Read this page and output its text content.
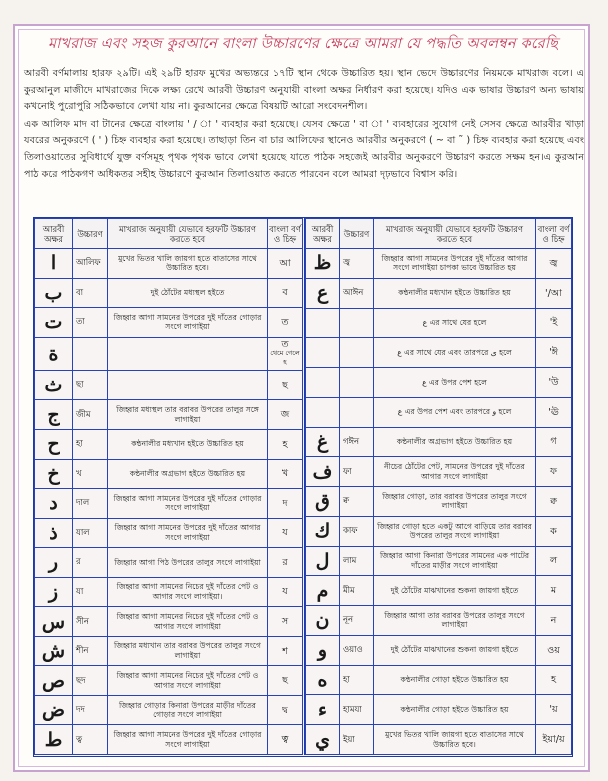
মাখরাজ এবং সহজ কুরআনে বাংলা উচ্চারণের ক্ষেত্রে আমরা যে পদ্ধতি অবলম্বন করেছি

আরবী বর্ণমালায় হারফ ২৯টি। এই ২৯টি হারফ মুখের অভ্যন্তরে ১৭টি স্থান থেকে উচ্চারিত হয়। স্থান ভেদে উচ্চারণের নিয়মকে মাখরাজ বলে। এ কুরআনুল মাজীদে মাখরাজের দিকে লক্ষ্য রেখে আরবী উচ্চারণ অনুযায়ী বাংলা অক্ষর নির্ধারণ করা হয়েছে। যদিও এক ভাষার উচ্চারণ অন্য ভাষায় কখনোই পুরোপুরি সঠিকভাবে লেখা যায় না। কুরআনের ক্ষেত্রে বিষয়টি আরো সংবেদনশীল।

এক আলিফ মাদ বা টানের ক্ষেত্রে বাংলায় ' / া ' ব্যবহার করা হয়েছে। যেসব ক্ষেত্রে ' বা া ' ব্যবহারের সুযোগ নেই সেসব ক্ষেত্রে আরবীর খাড়া যবরের অনুকরণে ( ' ) চিহ্ন ব্যবহার করা হয়েছে। তাছাড়া তিন বা চার আলিফের স্থানেও আরবীর অনুকরণে ( ~ বা ˜ ) চিহ্ন ব্যবহার করা হয়েছে এবং তিলাওয়াতের সুবিধার্থে যুক্ত বর্ণসমূহ পৃথক পৃথক ভাবে লেখা হয়েছে যাতে পাঠক সহজেই আরবীর অনুকরণে উচ্চারণ করতে সক্ষম হন।এ কুরআন পাঠ করে পাঠকগণ অধিকতর সহীহ উচ্চারণে কুরআন তিলাওয়াত করতে পারবেন বলে আমরা দৃঢ়ভাবে বিশ্বাস করি।

আরবী অক্ষর	উচ্চারণ	মাখরাজ অনুযায়ী যেভাবে হরফটি উচ্চারণ করতে হবে	বাংলা বর্ণ ও চিহ্ন
ا	আলিফ	মুখের ভিতর খালি জায়গা হতে বাতাসের সাথে উচ্চারিত হবে।	আ
ب	বা	দুই ঠোঁটের মধ্যস্থল হইতে	ব
ت	তা	জিহ্বার আগা সামনের উপরের দুই দাঁতের গোড়ার সংগে লাগাইয়া	ত
ة			ত
থেমে গেলে হ

ث	ছা		ছ
ج	জীম	জিহ্বার মধ্যস্থল তার বরাবর উপরের তালুর সঙ্গে লাগাইয়া	জ
ح	হা	কন্ঠনালীর মধ্যখান হইতে উচ্চারিত হয়	হ
خ	খ	কন্ঠনালীর অগ্রভাগ হইতে উচ্চারিত হয়	খ
د	দাল	জিহ্বার আগা সামনের উপরের দুই দাঁতের গোড়ার সংগে লাগাইয়া	দ
ذ	যাল	জিহ্বার আগা সামনের উপরের দুই দাঁতের আগার সংগে লাগাইয়া	য
ر	র	জিহ্বার আগা পিঠ উপরের তালুর সংগে লাগাইয়া	র
ز	যা	জিহ্বার আগা সামনের নিচের দুই দাঁতের পেট ও আগার সংগে লাগাইয়া।	য
س	সীন	জিহ্বার আগা সামনের নিচের দুই দাঁতের পেট ও আগার সংগে লাগাইয়া	স
ش	শীন	জিহ্বার মধ্যখান তার বরাবর উপরের তালুর সংগে লাগাইয়া	শ
ص	ছদ	জিহ্বার আগা সামনের নিচের দুই দাঁতের পেট ও আগার সংগে লাগাইয়া	ছ
ض	দদ	জিহ্বার গোড়ার কিনারা উপরের মাড়ীর দাঁতের গোড়ার সংগে লাগাইয়া	দ্ব
ط	ত্ব	জিহ্বার আগা সামনের উপরের দুই দাঁতের গোড়ার সংগে লাগাইয়া	ত্ব
আরবী অক্ষর	উচ্চারণ	মাখরাজ অনুযায়ী যেভাবে হরফটি উচ্চারণ করতে হবে	বাংলা বর্ণ ও চিহ্ন
ظ	জ্ব	জিহ্বার আগা সামনের উপরের দুই দাঁতের আগার সংগে লাগাইয়া চাপকা ভাবে উচ্চারিত হয়	জ্ব
ع	আঈন	কন্ঠনালীর মধ্যখান হইতে উচ্চারিত হয়	'/আ
		ع এর সাথে যের হলে	'ই
		ع এর সাথে যের এবং তারপরে ی হলে	'ঈ
		ع এর উপর পেশ হলে	'উ
		ع এর উপর পেশ এবং তারপরে و হলে	'ঊ
غ	গঈন	কন্ঠনালীর অগ্রভাগ হইতে উচ্চারিত হয়	গ
ف	ফা	নীচের ঠোঁটের পেট, সামনের উপরের দুই দাঁতের আগার সংগে লাগাইয়া	ফ
ق	ক্ব	জিহ্বার গোড়া, তার বরাবর উপরের তালুর সংগে লাগাইয়া	ক্ব
ك	কাফ	জিহ্বার গোড়া হতে একটু আগে বাড়িয়ে তার বরাবর উপরের তালুর সংগে লাগাইয়া	ক
ل	লাম	জিহ্বার আগা কিনারা উপরের সামনের এক পাটের দাঁতের মাড়ীর সংগে লাগাইয়া	ল
م	মীম	দুই ঠোঁটের মাঝখানের শুকনা জায়গা হইতে	ম
ن	নূন	জিহ্বার আগা তার বরাবর উপরের তালুর সংগে লাগাইয়া	ন
و	ওয়াও	দুই ঠোঁটের মাঝখানের শুকনা জায়গা হইতে	ওয়
ه	হা	কন্ঠনালীর গোড়া হইতে উচ্চারিত হয়	হ
ء	হামযা	কন্ঠনালীর গোড়া হইতে উচ্চারিত হয়	'য়
ي	ইয়া	মুখের ভিতর খালি জায়গা হতে বাতাসের সাথে উচ্চারিত হবে।	ইয়া/য়
